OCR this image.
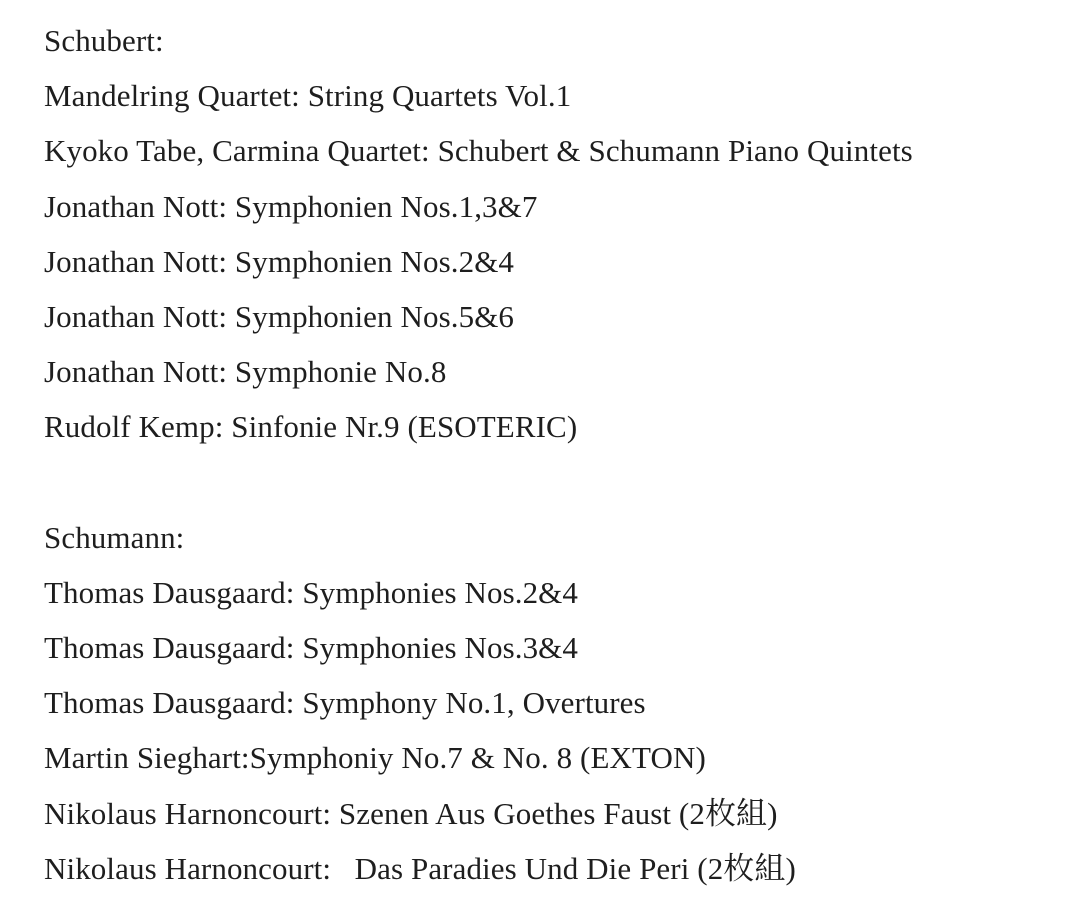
Schubert:
Mandelring Quartet: String Quartets Vol.1
Kyoko Tabe, Carmina Quartet: Schubert & Schumann Piano Quintets
Jonathan Nott: Symphonien Nos.1,3&7
Jonathan Nott: Symphonien Nos.2&4
Jonathan Nott: Symphonien Nos.5&6
Jonathan Nott: Symphonie No.8
Rudolf Kemp: Sinfonie Nr.9 (ESOTERIC)
Schumann:
Thomas Dausgaard: Symphonies Nos.2&4
Thomas Dausgaard: Symphonies Nos.3&4
Thomas Dausgaard: Symphony No.1, Overtures
Martin Sieghart:Symphoniy No.7 & No. 8 (EXTON)
Nikolaus Harnoncourt: Szenen Aus Goethes Faust (2枚組)
Nikolaus Harnoncourt:   Das Paradies Und Die Peri (2枚組)
